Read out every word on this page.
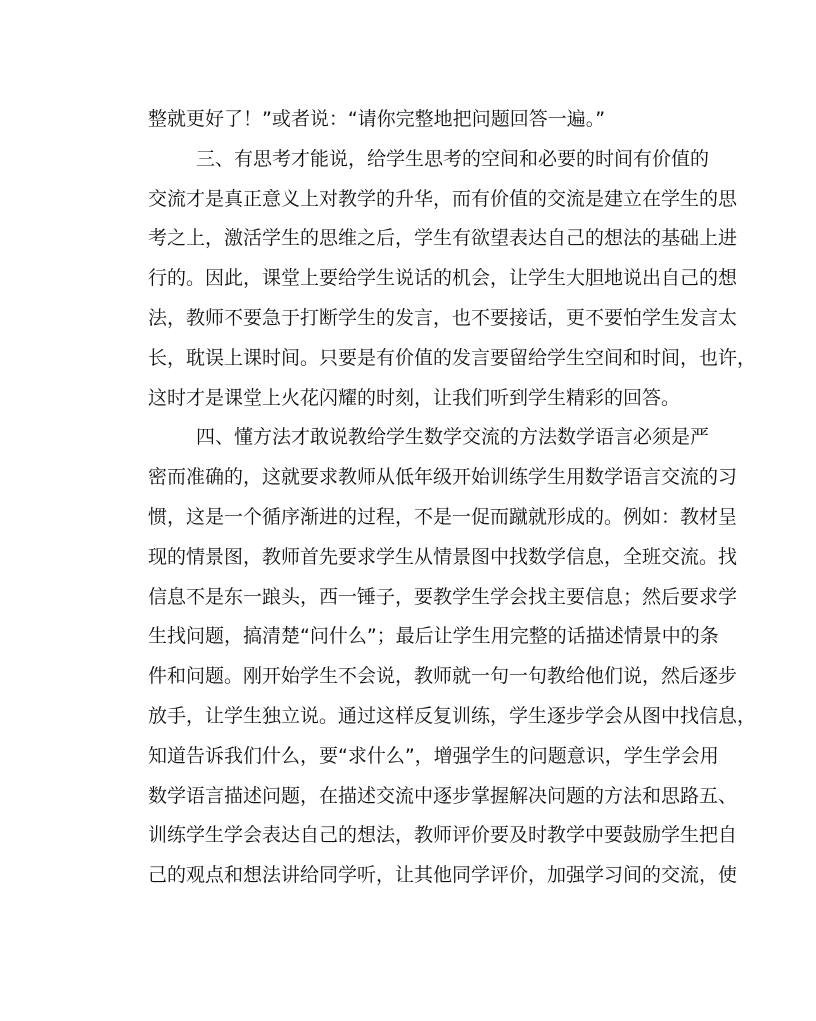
整就更好了！”或者说：“请你完整地把问题回答一遍。”
三、有思考才能说，给学生思考的空间和必要的时间有价值的
交流才是真正意义上对教学的升华，而有价值的交流是建立在学生的思
考之上，激活学生的思维之后，学生有欲望表达自己的想法的基础上进
行的。因此，课堂上要给学生说话的机会，让学生大胆地说出自己的想
法，教师不要急于打断学生的发言，也不要接话，更不要怕学生发言太
长，耽误上课时间。只要是有价值的发言要留给学生空间和时间，也许，
这时才是课堂上火花闪耀的时刻，让我们听到学生精彩的回答。
四、懂方法才敢说教给学生数学交流的方法数学语言必须是严
密而准确的，这就要求教师从低年级开始训练学生用数学语言交流的习
惯，这是一个循序渐进的过程，不是一促而蹴就形成的。例如：教材呈
现的情景图，教师首先要求学生从情景图中找数学信息，全班交流。找
信息不是东一踉头，西一锤子，要教学生学会找主要信息；然后要求学
生找问题，搞清楚“问什么”；最后让学生用完整的话描述情景中的条
件和问题。刚开始学生不会说，教师就一句一句教给他们说，然后逐步
放手，让学生独立说。通过这样反复训练，学生逐步学会从图中找信息，
知道告诉我们什么，要“求什么”，增强学生的问题意识，学生学会用
数学语言描述问题，在描述交流中逐步掌握解决问题的方法和思路五、
训练学生学会表达自己的想法，教师评价要及时教学中要鼓励学生把自
己的观点和想法讲给同学听，让其他同学评价，加强学习间的交流，使
